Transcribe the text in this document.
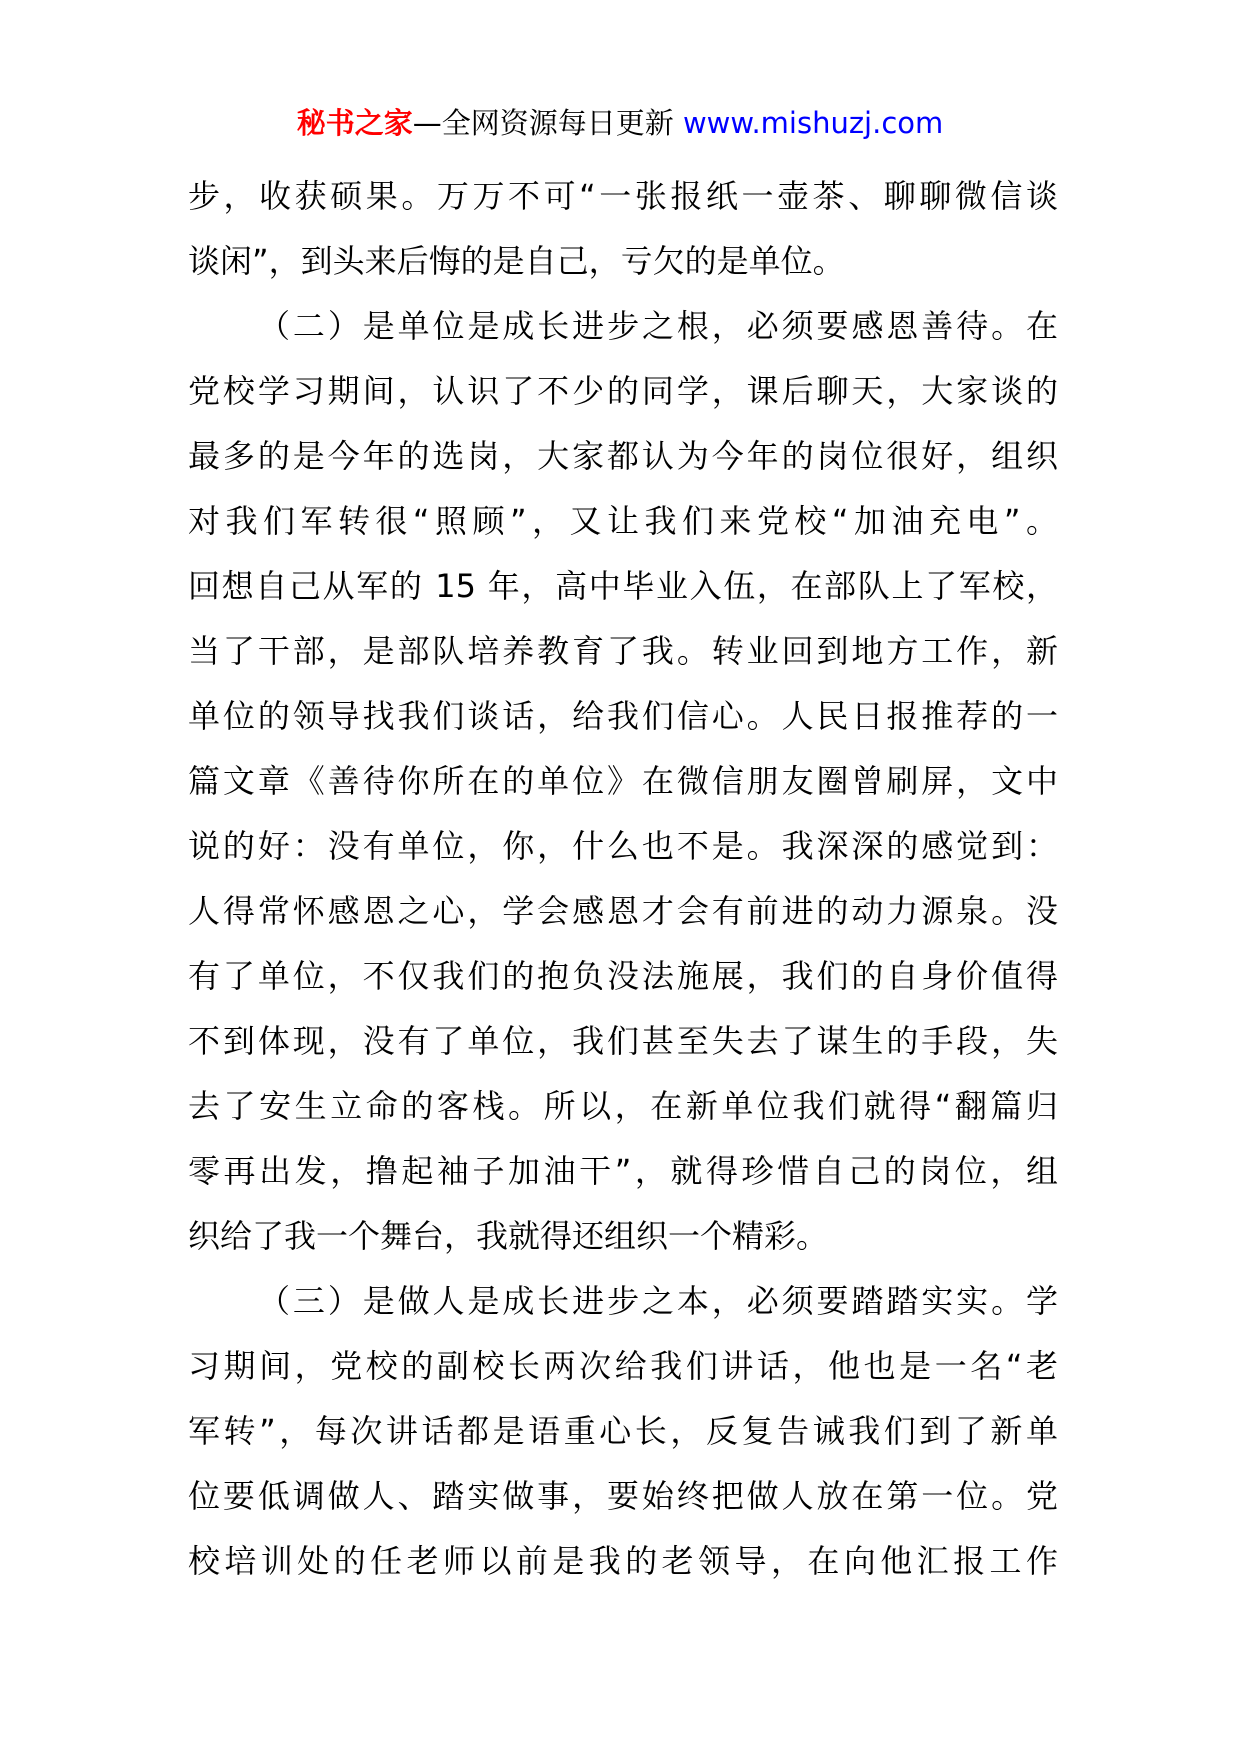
秘书之家—全网资源每日更新 www.mishuzj.com
步，收获硕果。万万不可“一张报纸一壶茶、聊聊微信谈
谈闲”，到头来后悔的是自己，亏欠的是单位。
（二）是单位是成长进步之根，必须要感恩善待。在
党校学习期间，认识了不少的同学，课后聊天，大家谈的
最多的是今年的选岗，大家都认为今年的岗位很好，组织
对我们军转很“照顾”，又让我们来党校“加油充电”。
回想自己从军的 15 年，高中毕业入伍，在部队上了军校，
当了干部，是部队培养教育了我。转业回到地方工作，新
单位的领导找我们谈话，给我们信心。人民日报推荐的一
篇文章《善待你所在的单位》在微信朋友圈曾刷屏，文中
说的好：没有单位，你，什么也不是。我深深的感觉到：
人得常怀感恩之心，学会感恩才会有前进的动力源泉。没
有了单位，不仅我们的抱负没法施展，我们的自身价值得
不到体现，没有了单位，我们甚至失去了谋生的手段，失
去了安生立命的客栈。所以，在新单位我们就得“翻篇归
零再出发，撸起袖子加油干”，就得珍惜自己的岗位，组
织给了我一个舞台，我就得还组织一个精彩。
（三）是做人是成长进步之本，必须要踏踏实实。学
习期间，党校的副校长两次给我们讲话，他也是一名“老
军转”，每次讲话都是语重心长，反复告诫我们到了新单
位要低调做人、踏实做事，要始终把做人放在第一位。党
校培训处的任老师以前是我的老领导，在向他汇报工作
